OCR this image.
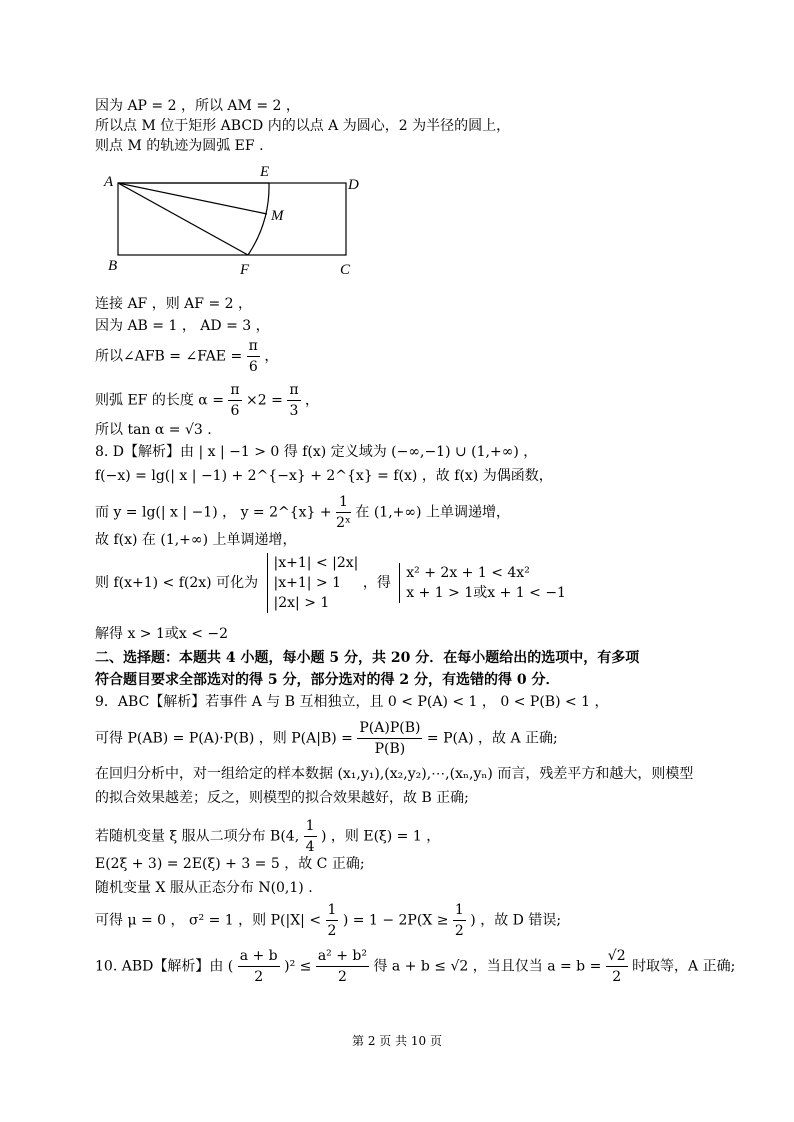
因为 AP = 2 ，所以 AM = 2 ，
所以点 M 位于矩形 ABCD 内的以点 A 为圆心，2 为半径的圆上，
则点 M 的轨迹为圆弧 EF .
A
E
D
M
B	F	C
连接 AF ，则 AF = 2 ，
因为 AB = 1 ， AD = 3 ，
所以∠AFB = ∠FAE = $\frac{\pi}{6}$ ，
则弧 EF 的长度 $\alpha = \frac{\pi}{6} \times 2 = \frac{\pi}{3}$ ，
所以 tan α = √3 .
8. D【解析】由 | x | −1 > 0 得 f(x) 定义域为 (−∞,−1) ∪ (1,+∞) ，
f(−x) = lg(| x | −1) + 2^{−x} + 2^{x} = f(x) ，故 f(x) 为偶函数，
而 y = lg(| x | −1) ， y = 2^{x} + $\frac{1}{\text{2ˣ}}$ 在 (1,+∞) 上单调递增，
故 f(x) 在 (1,+∞) 上单调递增，
则 f(x+1) < f(2x) 可化为
|x+1| < |2x|
|x+1| > 1
|2x| > 1
，得
x² + 2x + 1 < 4x²
x + 1 > 1或x + 1 < −1
解得 x > 1或x < −2
二、选择题：本题共 4 小题，每小题 5 分，共 20 分．在每小题给出的选项中，有多项
符合题目要求全部选对的得 5 分，部分选对的得 2 分，有选错的得 0 分．
9．ABC【解析】若事件 A 与 B 互相独立，且 0 < P(A) < 1 ， 0 < P(B) < 1 ，
可得 P(AB) = P(A)·P(B) ，则 $P(A|B) = \frac{P(A)P(B)}{P(B)} = P(A)$ ，故 A 正确;
在回归分析中，对一组给定的样本数据 (x₁,y₁),(x₂,y₂),⋯,(xₙ,yₙ) 而言，残差平方和越大，则模型
的拟合效果越差；反之，则模型的拟合效果越好，故 B 正确;
若随机变量 ξ 服从二项分布 B(4, $\frac{1}{4}$ ) ，则 E(ξ) = 1 ，
E(2ξ + 3) = 2E(ξ) + 3 = 5 ，故 C 正确;
随机变量 X 服从正态分布 N(0,1) .
可得 μ = 0 ， σ² = 1 ，则 $P(|X| < \frac{1}{2}$ ) = $1 - 2P(X \ge \frac{1}{2}$ ) ，故 D 错误;
10. ABD【解析】由 ( $\frac{a + b}{2} )^2 \le \frac{\text{a² + b²}}{2}$ 得 a + b ≤ √2 ，当且仅当 $a = b = \frac{√2}{2}$ 时取等，A 正确;
第 2 页 共 10 页
